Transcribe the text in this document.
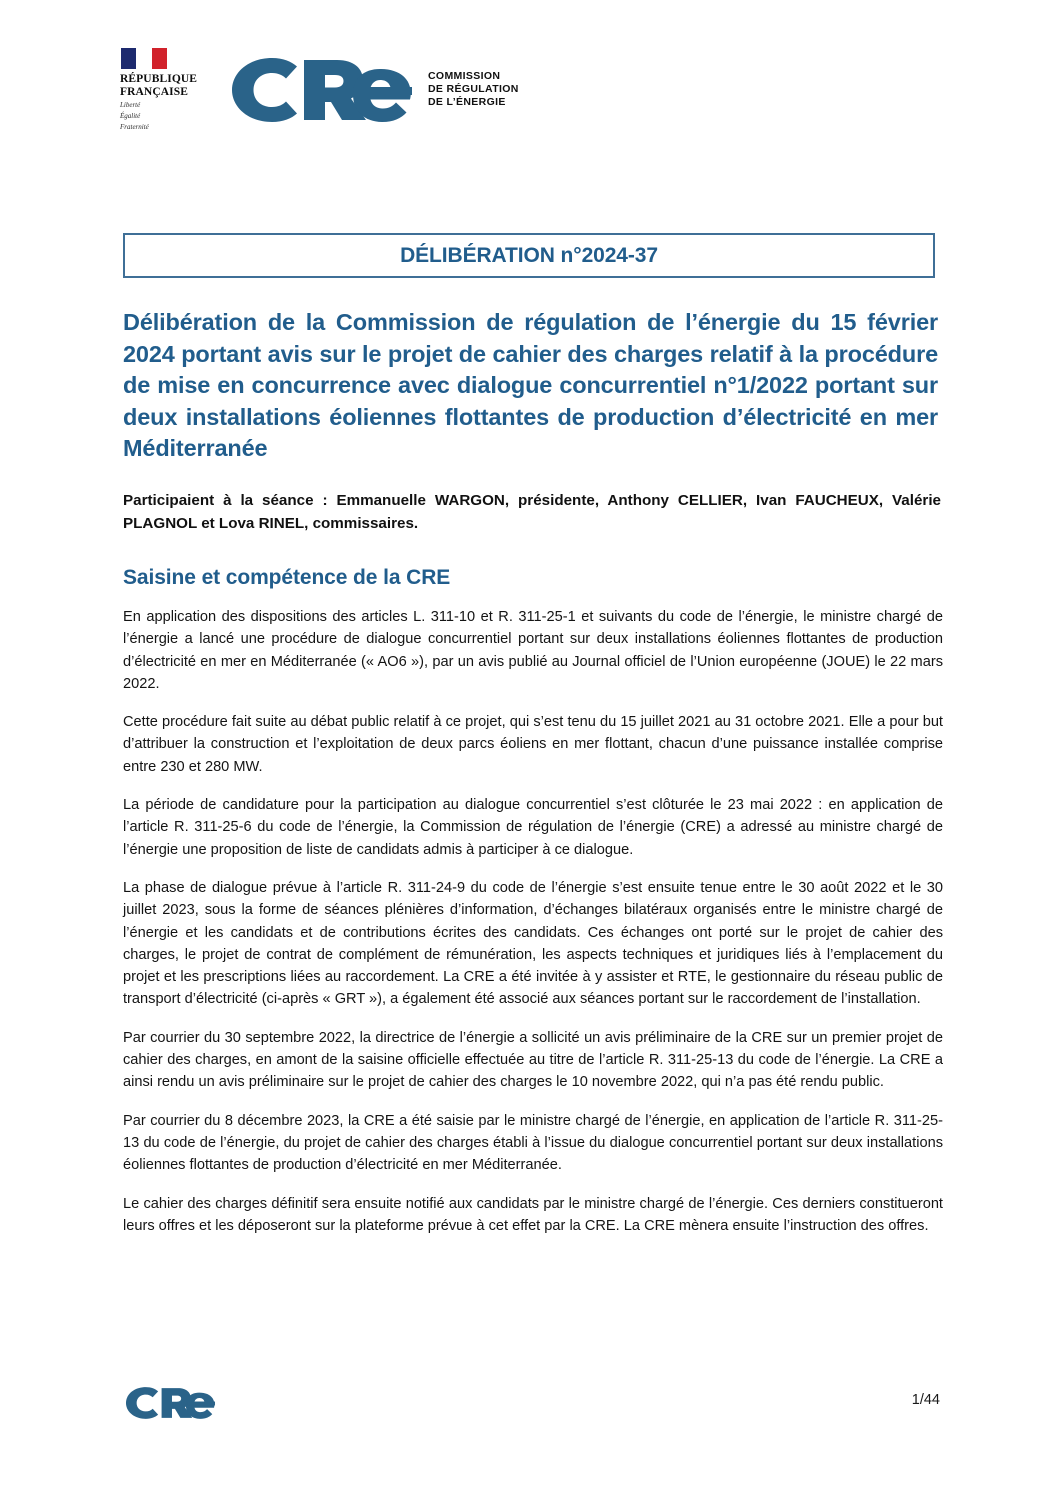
RÉPUBLIQUE
FRANÇAISE
Liberté
Égalité
Fraternité
COMMISSION
DE RÉGULATION
DE L’ÉNERGIE
DÉLIBÉRATION n°2024-37
Délibération de la Commission de régulation de l’énergie du 15 février 2024 portant avis sur le projet de cahier des charges relatif à la procédure de mise en concurrence avec dialogue concurrentiel n°1/2022 portant sur deux installations éoliennes flottantes de production d’électricité en mer Méditerranée
Participaient à la séance : Emmanuelle WARGON, présidente, Anthony CELLIER, Ivan FAUCHEUX, Valérie PLAGNOL et Lova RINEL, commissaires.
Saisine et compétence de la CRE

En application des dispositions des articles L. 311-10 et R. 311-25-1 et suivants du code de l’énergie, le ministre chargé de l’énergie a lancé une procédure de dialogue concurrentiel portant sur deux installations éoliennes flottantes de production d’électricité en mer en Méditerranée (« AO6 »), par un avis publié au Journal officiel de l’Union européenne (JOUE) le 22 mars 2022.

Cette procédure fait suite au débat public relatif à ce projet, qui s’est tenu du 15 juillet 2021 au 31 octobre 2021. Elle a pour but d’attribuer la construction et l’exploitation de deux parcs éoliens en mer flottant, chacun d’une puissance installée comprise entre 230 et 280 MW.

La période de candidature pour la participation au dialogue concurrentiel s’est clôturée le 23 mai 2022 : en application de l’article R. 311-25-6 du code de l’énergie, la Commission de régulation de l’énergie (CRE) a adressé au ministre chargé de l’énergie une proposition de liste de candidats admis à participer à ce dialogue.

La phase de dialogue prévue à l’article R. 311-24-9 du code de l’énergie s’est ensuite tenue entre le 30 août 2022 et le 30 juillet 2023, sous la forme de séances plénières d’information, d’échanges bilatéraux organisés entre le ministre chargé de l’énergie et les candidats et de contributions écrites des candidats. Ces échanges ont porté sur le projet de cahier des charges, le projet de contrat de complément de rémunération, les aspects techniques et juridiques liés à l’emplacement du projet et les prescriptions liées au raccordement. La CRE a été invitée à y assister et RTE, le gestionnaire du réseau public de transport d’électricité (ci-après « GRT »), a également été associé aux séances portant sur le raccordement de l’installation.

Par courrier du 30 septembre 2022, la directrice de l’énergie a sollicité un avis préliminaire de la CRE sur un premier projet de cahier des charges, en amont de la saisine officielle effectuée au titre de l’article R. 311-25-13 du code de l’énergie. La CRE a ainsi rendu un avis préliminaire sur le projet de cahier des charges le 10 novembre 2022, qui n’a pas été rendu public.

Par courrier du 8 décembre 2023, la CRE a été saisie par le ministre chargé de l’énergie, en application de l’article R. 311-25-13 du code de l’énergie, du projet de cahier des charges établi à l’issue du dialogue concurrentiel portant sur deux installations éoliennes flottantes de production d’électricité en mer Méditerranée.

Le cahier des charges définitif sera ensuite notifié aux candidats par le ministre chargé de l’énergie. Ces derniers constitueront leurs offres et les déposeront sur la plateforme prévue à cet effet par la CRE. La CRE mènera ensuite l’instruction des offres.

1/44
